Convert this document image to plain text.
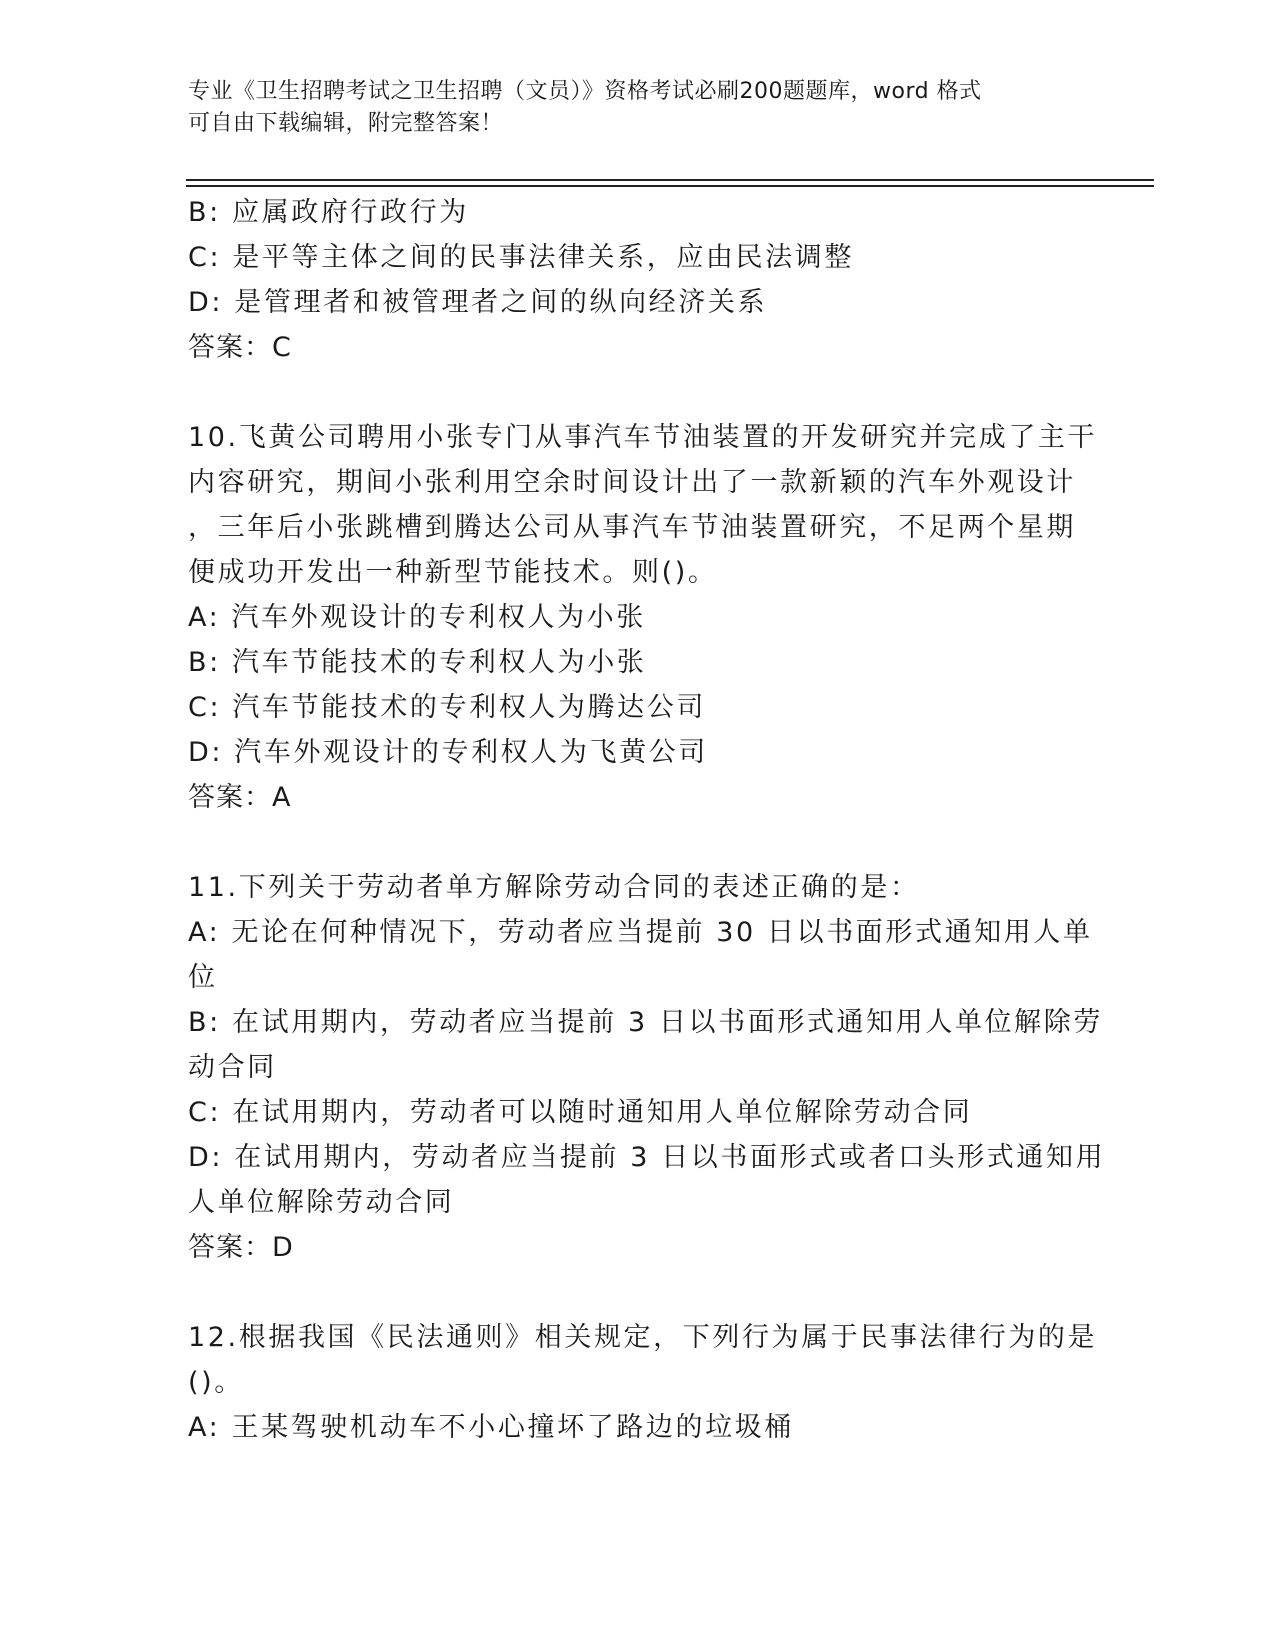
专业《卫生招聘考试之卫生招聘（文员）》资格考试必刷200题题库，word 格式
可自由下载编辑，附完整答案！
B: 应属政府行政行为
C: 是平等主体之间的民事法律关系，应由民法调整
D: 是管理者和被管理者之间的纵向经济关系
答案：C
10.飞黄公司聘用小张专门从事汽车节油装置的开发研究并完成了主干
内容研究，期间小张利用空余时间设计出了一款新颖的汽车外观设计
，三年后小张跳槽到腾达公司从事汽车节油装置研究，不足两个星期
便成功开发出一种新型节能技术。则()。
A: 汽车外观设计的专利权人为小张
B: 汽车节能技术的专利权人为小张
C: 汽车节能技术的专利权人为腾达公司
D: 汽车外观设计的专利权人为飞黄公司
答案：A
11.下列关于劳动者单方解除劳动合同的表述正确的是：
A: 无论在何种情况下，劳动者应当提前 30 日以书面形式通知用人单
位
B: 在试用期内，劳动者应当提前 3 日以书面形式通知用人单位解除劳
动合同
C: 在试用期内，劳动者可以随时通知用人单位解除劳动合同
D: 在试用期内，劳动者应当提前 3 日以书面形式或者口头形式通知用
人单位解除劳动合同
答案：D
12.根据我国《民法通则》相关规定，下列行为属于民事法律行为的是
()。
A: 王某驾驶机动车不小心撞坏了路边的垃圾桶
